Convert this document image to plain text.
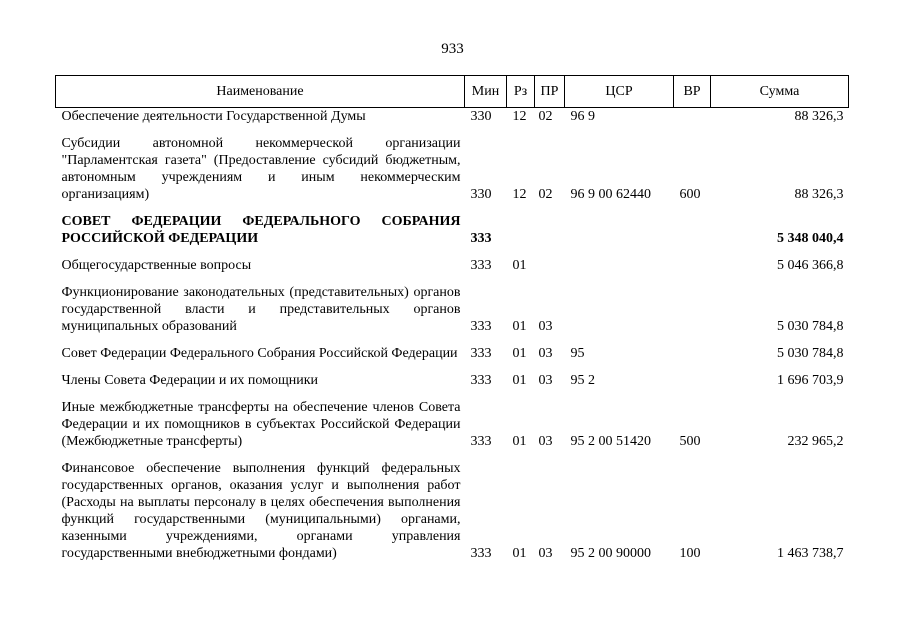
933
Наименование	Мин	Рз	ПР	ЦСР	ВР	Сумма
Обеспечение деятельности Государственной Думы	330	12	02	96 9		88 326,3

Субсидии автономной некоммерческой организации "Парламентская газета" (Предоставление субсидий бюджетным, автономным учреждениям и иным некоммерческим организациям)	330	12	02	96 9 00 62440	600	88 326,3

СОВЕТ ФЕДЕРАЦИИ ФЕДЕРАЛЬНОГО СОБРАНИЯ РОССИЙСКОЙ ФЕДЕРАЦИИ	333					5 348 040,4

Общегосударственные вопросы	333	01				5 046 366,8

Функционирование законодательных (представительных) органов государственной власти и представительных органов муниципальных образований	333	01	03			5 030 784,8

Совет Федерации Федерального Собрания Российской Федерации	333	01	03	95		5 030 784,8

Члены Совета Федерации и их помощники	333	01	03	95 2		1 696 703,9

Иные межбюджетные трансферты на обеспечение членов Совета Федерации и их помощников в субъектах Российской Федерации (Межбюджетные трансферты)	333	01	03	95 2 00 51420	500	232 965,2

Финансовое обеспечение выполнения функций федеральных государственных органов, оказания услуг и выполнения работ (Расходы на выплаты персоналу в целях обеспечения выполнения функций государственными (муниципальными) органами, казенными учреждениями, органами управления государственными внебюджетными фондами)	333	01	03	95 2 00 90000	100	1 463 738,7
